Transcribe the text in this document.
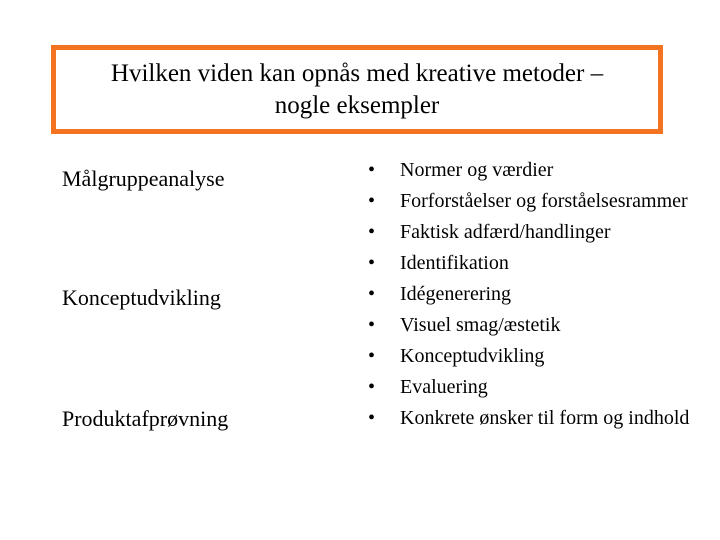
Hvilken viden kan opnås med kreative metoder –
nogle eksempler
Målgruppeanalyse
Konceptudvikling
Produktafprøvning
• Normer og værdier
• Forforståelser og forståelsesrammer
• Faktisk adfærd/handlinger
• Identifikation
• Idégenerering
• Visuel smag/æstetik
• Konceptudvikling
• Evaluering
• Konkrete ønsker til form og indhold
